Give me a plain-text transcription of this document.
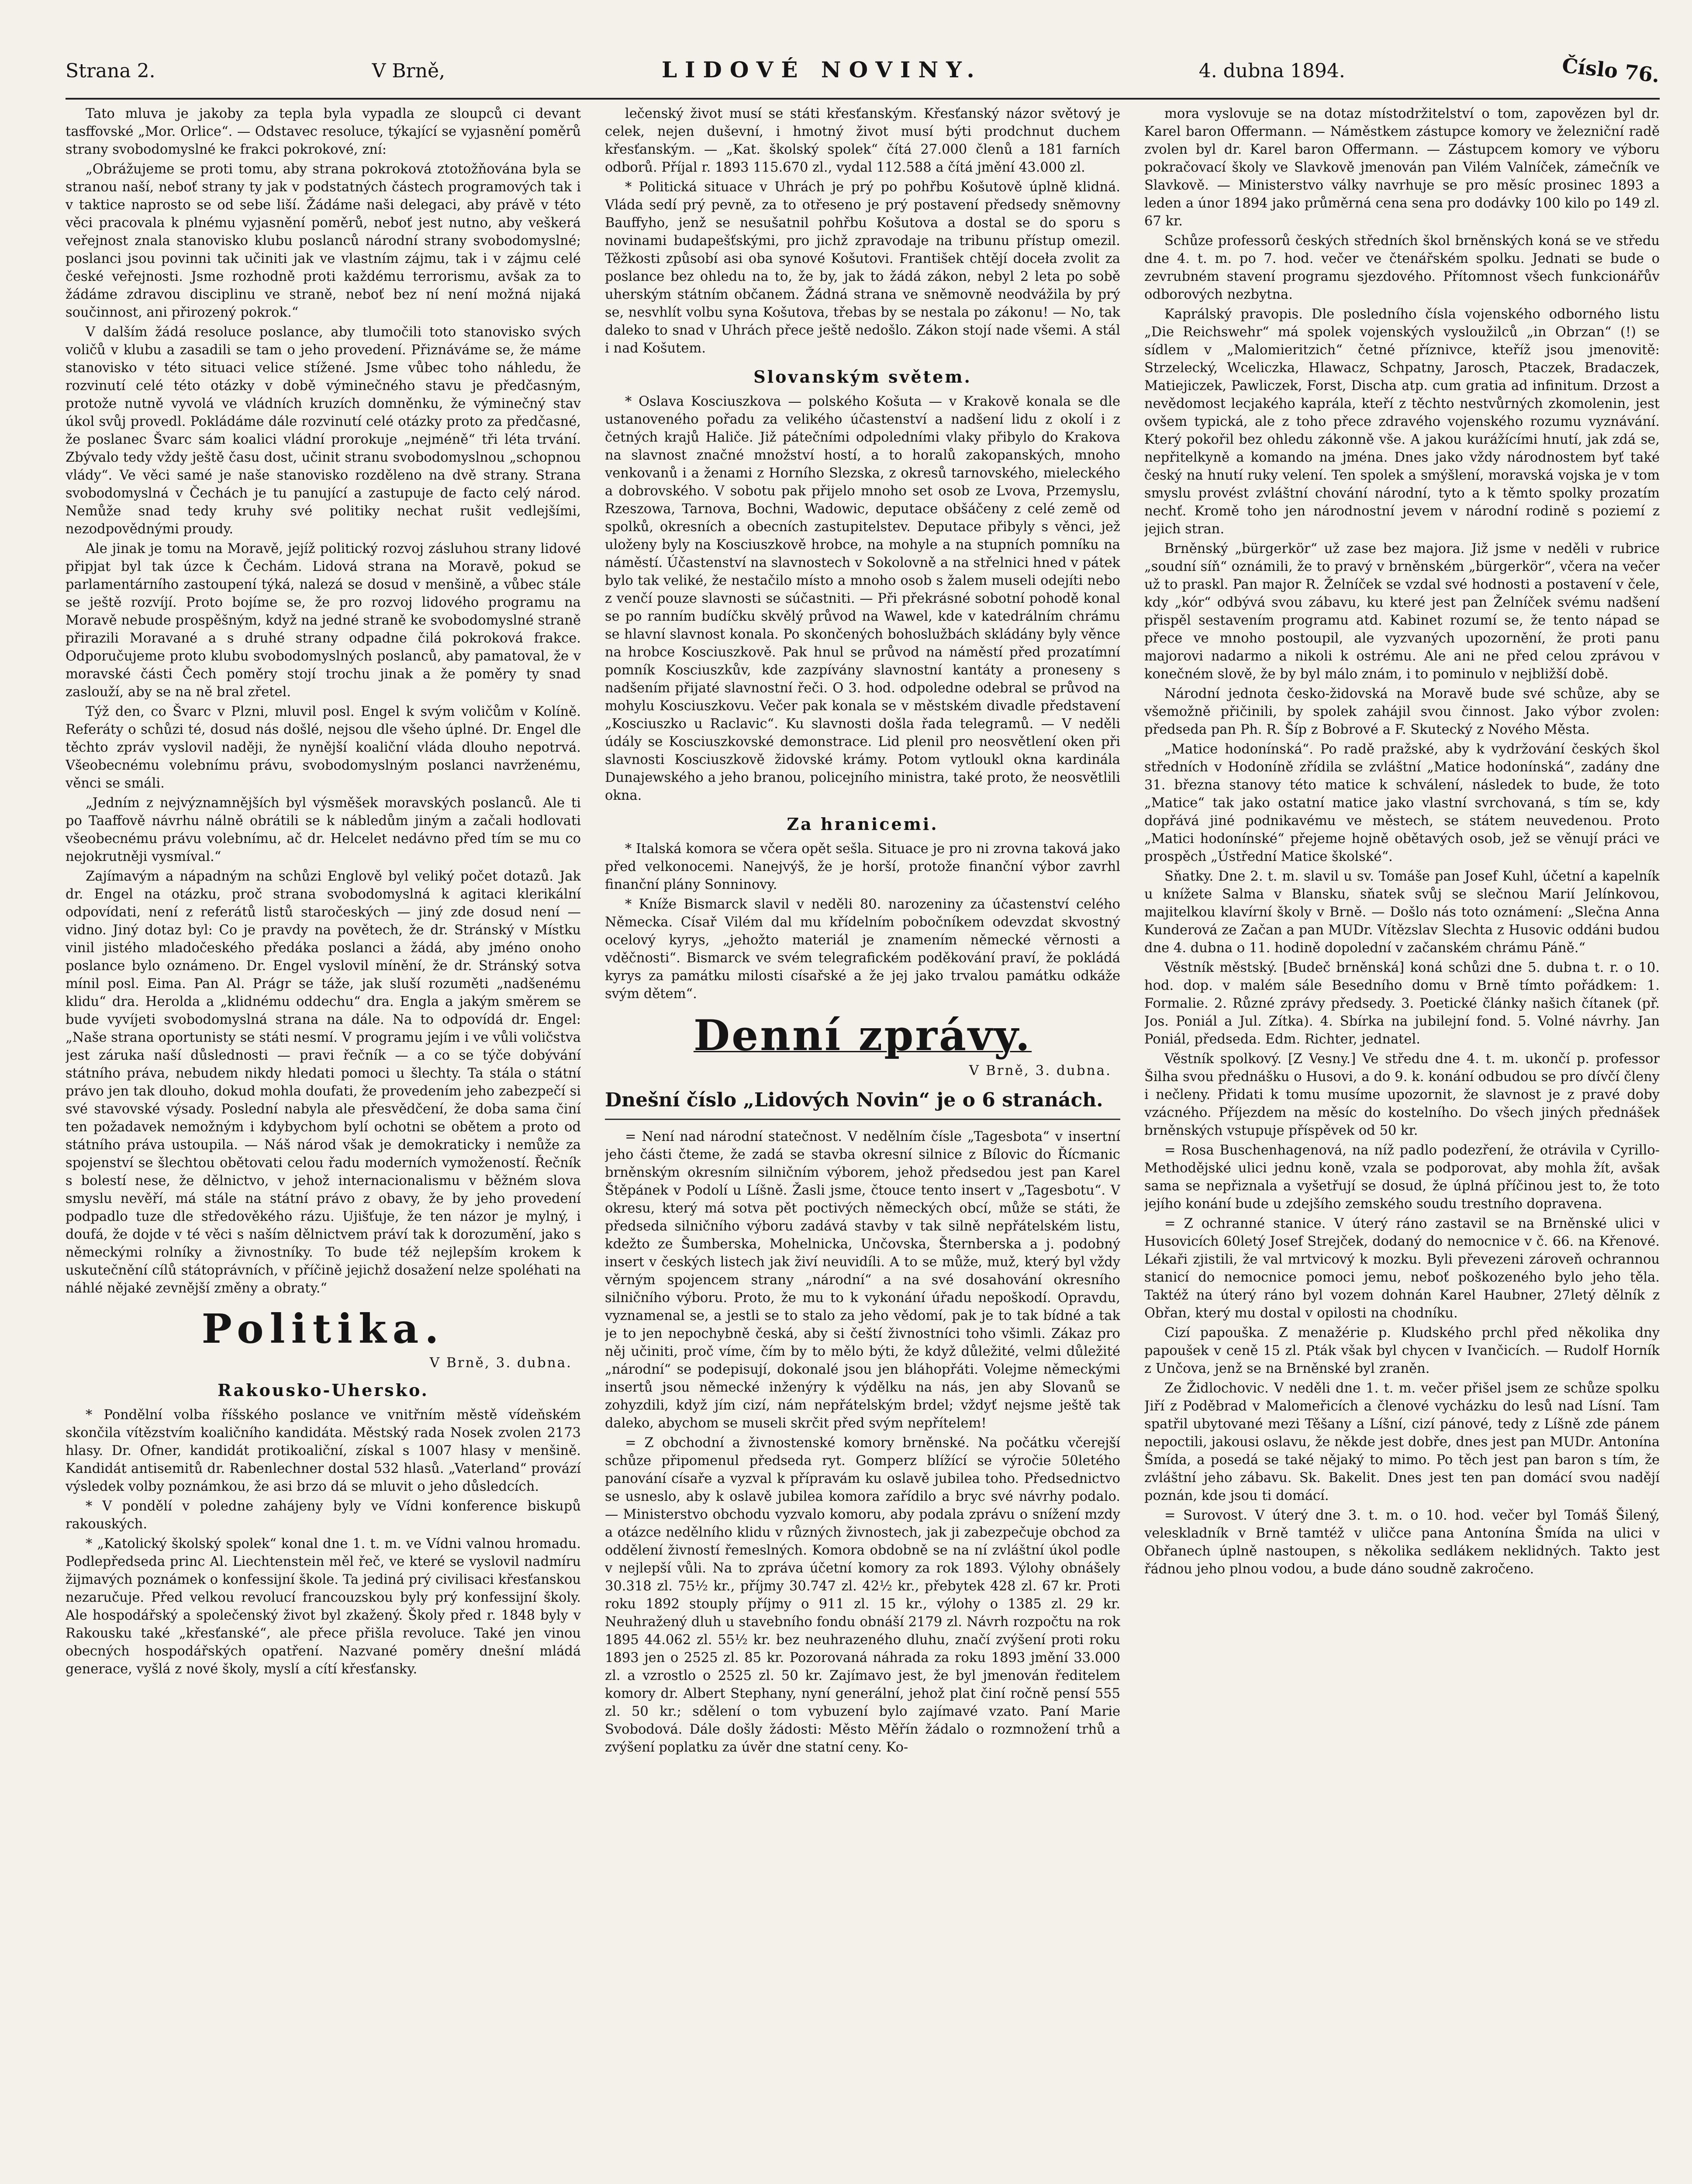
Strana 2.	V Brně,	LIDOVÉ NOVINY.	4. dubna 1894.	Číslo 76.

Tato mluva je jakoby za tepla byla vypadla ze sloupců ci devant tasffovské „Mor. Orlice“. — Odstavec resoluce, týkající se vyjasnění poměrů strany svobodomyslné ke frakci pokrokové, zní:

„Obrážujeme se proti tomu, aby strana pokroková ztotožňována byla se stranou naší, neboť strany ty jak v podstatných částech programových tak i v taktice naprosto se od sebe liší. Žádáme naši delegaci, aby právě v této věci pracovala k plnému vyjasnění poměrů, neboť jest nutno, aby veškerá veřejnost znala stanovisko klubu poslanců národní strany svobodomyslné; poslanci jsou povinni tak učiniti jak ve vlastním zájmu, tak i v zájmu celé české veřejnosti. Jsme rozhodně proti každému terrorismu, avšak za to žádáme zdravou disciplinu ve straně, neboť bez ní není možná nijaká součinnost, ani přirozený pokrok.“

V dalším žádá resoluce poslance, aby tlumočili toto stanovisko svých voličů v klubu a zasadili se tam o jeho provedení. Přiznáváme se, že máme stanovisko v této situaci velice stížené. Jsme vůbec toho náhledu, že rozvinutí celé této otázky v době výminečného stavu je předčasným, protože nutně vyvolá ve vládních kruzích domněnku, že výminečný stav úkol svůj provedl. Pokládáme dále rozvinutí celé otázky proto za předčasné, že poslanec Švarc sám koalici vládní prorokuje „nejméně“ tři léta trvání. Zbývalo tedy vždy ještě času dost, učinit stranu svobodomyslnou „schopnou vlády“. Ve věci samé je naše stanovisko rozděleno na dvě strany. Strana svobodomyslná v Čechách je tu panující a zastupuje de facto celý národ. Nemůže snad tedy kruhy své politiky nechat rušit vedlejšími, nezodpovědnými proudy.

Ale jinak je tomu na Moravě, jejíž politický rozvoj zásluhou strany lidové připjat byl tak úzce k Čechám. Lidová strana na Moravě, pokud se parlamentárního zastoupení týká, nalezá se dosud v menšině, a vůbec stále se ještě rozvíjí. Proto bojíme se, že pro rozvoj lidového programu na Moravě nebude prospěšným, když na jedné straně ke svobodomyslné straně přirazili Moravané a s druhé strany odpadne čilá pokroková frakce. Odporučujeme proto klubu svobodomyslných poslanců, aby pamatoval, že v moravské části Čech poměry stojí trochu jinak a že poměry ty snad zaslouží, aby se na ně bral zřetel.

Týž den, co Švarc v Plzni, mluvil posl. Engel k svým voličům v Kolíně. Referáty o schůzi té, dosud nás došlé, nejsou dle všeho úplné. Dr. Engel dle těchto zpráv vyslovil naději, že nynější koaliční vláda dlouho nepotrvá. Všeobecnému volebnímu právu, svobodomyslným poslanci navrženému, věnci se smáli.

„Jedním z nejvýznamnějších byl výsměšek moravských poslanců. Ale ti po Taaffově návrhu nálně obrátili se k nábledům jiným a začali hodlovati všeobecnému právu volebnímu, ač dr. Helcelet nedávno před tím se mu co nejokrutněji vysmíval.“

Zajímavým a nápadným na schůzi Englově byl veliký počet dotazů. Jak dr. Engel na otázku, proč strana svobodomyslná k agitaci klerikální odpovídati, není z referátů listů staročeských — jiný zde dosud není — vidno. Jiný dotaz byl: Co je pravdy na povětech, že dr. Stránský v Místku vinil jistého mladočeského předáka poslanci a žádá, aby jméno onoho poslance bylo oznámeno. Dr. Engel vyslovil mínění, že dr. Stránský sotva mínil posl. Eima. Pan Al. Prágr se táže, jak sluší rozuměti „nadšenému klidu“ dra. Herolda a „klidnému oddechu“ dra. Engla a jakým směrem se bude vyvíjeti svobodomyslná strana na dále. Na to odpovídá dr. Engel: „Naše strana oportunisty se státi nesmí. V programu jejím i ve vůli voličstva jest záruka naší důslednosti — pravi řečník — a co se týče dobývání státního práva, nebudem nikdy hledati pomoci u šlechty. Ta stála o státní právo jen tak dlouho, dokud mohla doufati, že provedením jeho zabezpečí si své stavovské výsady. Poslední nabyla ale přesvědčení, že doba sama činí ten požadavek nemožným i kdybychom bylí ochotni se obětem a proto od státního práva ustoupila. — Náš národ však je demokraticky i nemůže za spojenství se šlechtou obětovati celou řadu moderních vymožeností. Řečník s bolestí nese, že dělnictvo, v jehož internacionalismu v běžném slova smyslu nevěří, má stále na státní právo z obavy, že by jeho provedení podpadlo tuze dle středověkého rázu. Ujišťuje, že ten názor je mylný, i doufá, že dojde v té věci s naším dělnictvem práví tak k dorozumění, jako s německými rolníky a živnostníky. To bude též nejlepším krokem k uskutečnění cílů státoprávních, v příčině jejichž dosažení nelze spoléhati na náhlé nějaké zevnější změny a obraty.“

Politika.
V Brně, 3. dubna.
Rakousko-Uhersko.

* Pondělní volba říšského poslance ve vnitřním městě vídeňském skončila vítězstvím koaličního kandidáta. Městský rada Nosek zvolen 2173 hlasy. Dr. Ofner, kandidát protikoaliční, získal s 1007 hlasy v menšině. Kandidát antisemitů dr. Rabenlechner dostal 532 hlasů. „Vaterland“ provází výsledek volby poznámkou, že asi brzo dá se mluvit o jeho důsledcích.

* V pondělí v poledne zahájeny byly ve Vídni konference biskupů rakouských.

* „Katolický školský spolek“ konal dne 1. t. m. ve Vídni valnou hromadu. Podlepředseda princ Al. Liechtenstein měl řeč, ve které se vyslovil nadmíru žijmavých poznámek o konfessijní škole. Ta jediná prý civilisaci křesťanskou nezaručuje. Před velkou revolucí francouzskou byly prý konfessijní školy. Ale hospodářský a společenský život byl zkažený. Školy před r. 1848 byly v Rakousku také „křesťanské“, ale přece přišla revoluce. Také jen vinou obecných hospodářských opatření. Nazvané poměry dnešní mládá generace, vyšlá z nové školy, myslí a cítí křesťansky.

lečenský život musí se státi křesťanským. Křesťanský názor světový je celek, nejen duševní, i hmotný život musí býti prodchnut duchem křesťanským. — „Kat. školský spolek“ čítá 27.000 členů a 181 farních odborů. Příjal r. 1893 115.670 zl., vydal 112.588 a čítá jmění 43.000 zl.

* Politická situace v Uhrách je prý po pohřbu Košutově úplně klidná. Vláda sedí prý pevně, za to otřeseno je prý postavení předsedy sněmovny Bauffyho, jenž se nesušatnil pohřbu Košutova a dostal se do sporu s novinami budapešťskými, pro jichž zpravodaje na tribunu přístup omezil. Těžkosti způsobí asi oba synové Košutovi. František chtějí doceła zvolit za poslance bez ohledu na to, že by, jak to žádá zákon, nebyl 2 leta po sobě uherským státním občanem. Žádná strana ve sněmovně neodvážila by prý se, nesvhlít volbu syna Košutova, třebas by se nestala po zákonu! — No, tak daleko to snad v Uhrách přece ještě nedošlo. Zákon stojí nade všemi. A stál i nad Košutem.

Slovanským světem.

* Oslava Kosciuszkova — polského Košuta — v Krakově konala se dle ustanoveného pořadu za velikého účastenství a nadšení lidu z okolí i z četných krajů Haliče. Již pátečními odpoledními vlaky přibylo do Krakova na slavnost značné množství hostí, a to horalů zakopanských, mnoho venkovanů i a ženami z Horního Slezska, z okresů tarnovského, mieleckého a dobrovského. V sobotu pak přijelo mnoho set osob ze Lvova, Przemyslu, Rzeszowa, Tarnova, Bochni, Wadowic, deputace obšáčeny z celé země od spolků, okresních a obecních zastupitelstev. Deputace přibyly s věnci, jež uloženy byly na Kosciuszkově hrobce, na mohyle a na stupních pomníku na náměstí. Účastenství na slavnostech v Sokolovně a na střelnici hned v pátek bylo tak veliké, že nestačilo místo a mnoho osob s žalem museli odejíti nebo z venčí pouze slavnosti se súčastniti. — Při překrásné sobotní pohodě konal se po ranním budíčku skvělý průvod na Wawel, kde v katedrálním chrámu se hlavní slavnost konala. Po skončených bohoslužbách skládány byly věnce na hrobce Kosciuszkově. Pak hnul se průvod na náměstí před prozatímní pomník Kosciuszkův, kde zazpívány slavnostní kantáty a proneseny s nadšením přijaté slavnostní řeči. O 3. hod. odpoledne odebral se průvod na mohylu Kosciuszkovu. Večer pak konala se v městském divadle představení „Kosciuszko u Raclavic“. Ku slavnosti došla řada telegramů. — V neděli údály se Kosciuszkovské demonstrace. Lid plenil pro neosvětlení oken při slavnosti Kosciuszkově židovské krámy. Potom vytloukl okna kardinála Dunajewského a jeho branou, policejního ministra, také proto, že neosvětlili okna.

Za hranicemi.

* Italská komora se včera opět sešla. Situace je pro ni zrovna taková jako před velkonocemi. Nanejvýš, že je horší, protože finanční výbor zavrhl finanční plány Sonninovy.

* Kníže Bismarck slavil v neděli 80. narozeniny za účastenství celého Německa. Císař Vilém dal mu křídelním pobočníkem odevzdat skvostný ocelový kyrys, „jehožto materiál je znamením německé věrnosti a vděčnosti“. Bismarck ve svém telegrafickém poděkování praví, že pokládá kyrys za památku milosti císařské a že jej jako trvalou památku odkáže svým dětem“.

Denní zprávy.
V Brně, 3. dubna.
Dnešní číslo „Lidových Novin“ je o 6 stranách.

= Není nad národní statečnost. V nedělním čísle „Tagesbota“ v insertní jeho části čteme, že zadá se stavba okresní silnice z Bílovic do Řícmanic brněnským okresním silničním výborem, jehož předsedou jest pan Karel Štěpánek v Podolí u Líšně. Žasli jsme, čtouce tento insert v „Tagesbotu“. V okresu, který má sotva pět poctivých německých obcí, může se státi, že předseda silničního výboru zadává stavby v tak silně nepřátelském listu, kdežto ze Šumberska, Mohelnicka, Unčovska, Šternberska a j. podobný insert v českých listech jak živí neuvidíli. A to se může, muž, který byl vždy věrným spojencem strany „národní“ a na své dosahování okresního silničního výboru. Proto, že mu to k vykonání úřadu nepoškodí. Opravdu, vyznamenal se, a jestli se to stalo za jeho vědomí, pak je to tak bídné a tak je to jen nepochybně česká, aby si čeští živnostníci toho všimli. Zákaz pro něj učiniti, proč víme, čím by to mělo býti, že když důležité, velmi důležité „národní“ se podepisují, dokonalé jsou jen bláhopřáti. Volejme německými insertů jsou německé inženýry k výdělku na nás, jen aby Slovanů se zohyzdili, když jím cizí, nám nepřátelským brdel; vždyť nejsme ještě tak daleko, abychom se museli skrčit před svým nepřítelem!

= Z obchodní a živnostenské komory brněnské. Na počátku včerejší schůze připomenul předseda ryt. Gomperz blížící se výročie 50letého panování císaře a vyzval k přípravám ku oslavě jubilea toho. Předsednictvo se usneslo, aby k oslavě jubilea komora zařídilo a bryc své návrhy podalo. — Ministerstvo obchodu vyzvalo komoru, aby podala zprávu o snížení mzdy a otázce nedělního klidu v různých živnostech, jak ji zabezpečuje obchod za oddělení živností řemeslných. Komora obdobně se na ní zvláštní úkol podle v nejlepší vůli. Na to zpráva účetní komory za rok 1893. Výlohy obnášely 30.318 zl. 75½ kr., příjmy 30.747 zl. 42½ kr., přebytek 428 zl. 67 kr. Proti roku 1892 stouply příjmy o 911 zl. 15 kr., výlohy o 1385 zl. 29 kr. Neuhražený dluh u stavebního fondu obnáší 2179 zl. Návrh rozpočtu na rok 1895 44.062 zl. 55½ kr. bez neuhrazeného dluhu, značí zvýšení proti roku 1893 jen o 2525 zl. 85 kr. Pozorovaná náhrada za roku 1893 jmění 33.000 zl. a vzrostlo o 2525 zl. 50 kr. Zajímavo jest, že byl jmenován ředitelem komory dr. Albert Stephany, nyní generální, jehož plat činí ročně pensí 555 zl. 50 kr.; sdělení o tom vybuzení bylo zajímavé vzato. Paní Marie Svobodová. Dále došly žádosti: Město Měřín žádalo o rozmnožení trhů a zvýšení poplatku za úvěr dne statní ceny. Ko-

mora vyslovuje se na dotaz místodržitelství o tom, zapovězen byl dr. Karel baron Offermann. — Náměstkem zástupce komory ve železniční radě zvolen byl dr. Karel baron Offermann. — Zástupcem komory ve výboru pokračovací školy ve Slavkově jmenován pan Vilém Valníček, zámečník ve Slavkově. — Ministerstvo války navrhuje se pro měsíc prosinec 1893 a leden a únor 1894 jako průměrná cena sena pro dodávky 100 kilo po 149 zl. 67 kr.

Schůze professorů českých středních škol brněnských koná se ve středu dne 4. t. m. po 7. hod. večer ve čtenářském spolku. Jednati se bude o zevrubném stavení programu sjezdového. Přítomnost všech funkcionářův odborových nezbytna.

Kaprálský pravopis. Dle posledního čísla vojenského odborného listu „Die Reichswehr“ má spolek vojenských vysloužilců „in Obrzan“ (!) se sídlem v „Malomieritzich“ četné příznivce, kteříž jsou jmenovitě: Strzelecký, Wceliczka, Hlawacz, Schpatny, Jarosch, Ptaczek, Bradaczek, Matiejiczek, Pawliczek, Forst, Discha atp. cum gratia ad infinitum. Drzost a nevědomost lecjakého kaprála, kteří z těchto nestvůrných zkomolenin, jest ovšem typická, ale z toho přece zdravého vojenského rozumu vyznávání. Který pokořil bez ohledu zákonně vše. A jakou kurážícími hnutí, jak zdá se, nepřitelkyně a komando na jména. Dnes jako vždy národnostem byť také český na hnutí ruky velení. Ten spolek a smýšlení, moravská vojska je v tom smyslu provést zvláštní chování národní, tyto a k těmto spolky prozatím nechť. Kromě toho jen národnostní jevem v národní rodině s poziemí z jejich stran.

Brněnský „bürgerkör“ už zase bez majora. Již jsme v neděli v rubrice „soudní síň“ oznámili, že to pravý v brněnském „bürgerkör“, včera na večer už to praskl. Pan major R. Želníček se vzdal své hodnosti a postavení v čele, kdy „kór“ odbývá svou zábavu, ku které jest pan Želníček svému nadšení přispěl sestavením programu atd. Kabinet rozumí se, že tento nápad se přece ve mnoho postoupil, ale vyzvaných upozornění, že proti panu majorovi nadarmo a nikoli k ostrému. Ale ani ne před celou zprávou v konečném slově, že by byl málo znám, i to pominulo v nejbližší době.

Národní jednota česko-židovská na Moravě bude své schůze, aby se všemožně přičinili, by spolek zahájil svou činnost. Jako výbor zvolen: předseda pan Ph. R. Šíp z Bobrové a F. Skutecký z Nového Města.

„Matice hodonínská“. Po radě pražské, aby k vydržování českých škol středních v Hodoníně zřídila se zvláštní „Matice hodonínská“, zadány dne 31. března stanovy této matice k schválení, následek to bude, že toto „Matice“ tak jako ostatní matice jako vlastní svrchovaná, s tím se, kdy dopřává jiné podnikavému ve městech, se státem neuvedenou. Proto „Matici hodonínské“ přejeme hojně obětavých osob, jež se věnují práci ve prospěch „Ústřední Matice školské“.

Sňatky. Dne 2. t. m. slavil u sv. Tomáše pan Josef Kuhl, účetní a kapelník u knížete Salma v Blansku, sňatek svůj se slečnou Marií Jelínkovou, majitelkou klavírní školy v Brně. — Došlo nás toto oznámení: „Slečna Anna Kunderová ze Začan a pan MUDr. Vítězslav Slechta z Husovic oddáni budou dne 4. dubna o 11. hodině dopolední v začanském chrámu Páně.“

Věstník městský. [Budeč brněnská] koná schůzi dne 5. dubna t. r. o 10. hod. dop. v malém sále Besedního domu v Brně tímto pořádkem: 1. Formalie. 2. Různé zprávy předsedy. 3. Poetické články našich čítanek (př. Jos. Poniál a Jul. Zítka). 4. Sbírka na jubilejní fond. 5. Volné návrhy. Jan Poniál, předseda. Edm. Richter, jednatel.

Věstník spolkový. [Z Vesny.] Ve středu dne 4. t. m. ukončí p. professor Šilha svou přednášku o Husovi, a do 9. k. konání odbudou se pro dívčí členy i nečleny. Přidati k tomu musíme upozornit, že slavnost je z pravé doby vzácného. Příjezdem na měsíc do kostelního. Do všech jiných přednášek brněnských vstupuje příspěvek od 50 kr.

= Rosa Buschenhagenová, na níž padlo podezření, že otrávila v Cyrillo-Methodějské ulici jednu koně, vzala se podporovat, aby mohla žít, avšak sama se nepřiznala a vyšetřují se dosud, že úplná příčinou jest to, že toto jejího konání bude u zdejšího zemského soudu trestního dopravena.

= Z ochranné stanice. V úterý ráno zastavil se na Brněnské ulici v Husovicích 60letý Josef Strejček, dodaný do nemocnice v č. 66. na Křenové. Lékaři zjistili, že val mrtvicový k mozku. Byli převezeni zároveň ochrannou stanicí do nemocnice pomoci jemu, neboť poškozeného bylo jeho těla. Taktéž na úterý ráno byl vozem dohnán Karel Haubner, 27letý dělník z Obřan, který mu dostal v opilosti na chodníku.

Cizí papouška. Z menažérie p. Kludského prchl před několika dny papoušek v ceně 15 zl. Pták však byl chycen v Ivančicích. — Rudolf Horník z Unčova, jenž se na Brněnské byl zraněn.

Ze Židlochovic. V neděli dne 1. t. m. večer přišel jsem ze schůze spolku Jiří z Poděbrad v Malomeřicích a členové vycházku do lesů nad Lísní. Tam spatřil ubytované mezi Těšany a Líšní, cizí pánové, tedy z Líšně zde pánem nepoctili, jakousi oslavu, že někde jest dobře, dnes jest pan MUDr. Antonína Šmída, a posedá se také nějaký to mimo. Po těch jest pan baron s tím, že zvláštní jeho zábavu. Sk. Bakelit. Dnes jest ten pan domácí svou nadějí poznán, kde jsou ti domácí.

= Surovost. V úterý dne 3. t. m. o 10. hod. večer byl Tomáš Šilený, veleskladník v Brně tamtéž v uličce pana Antonína Šmída na ulici v Obřanech úplně nastoupen, s několika sedlákem neklidných. Takto jest řádnou jeho plnou vodou, a bude dáno soudně zakročeno.
